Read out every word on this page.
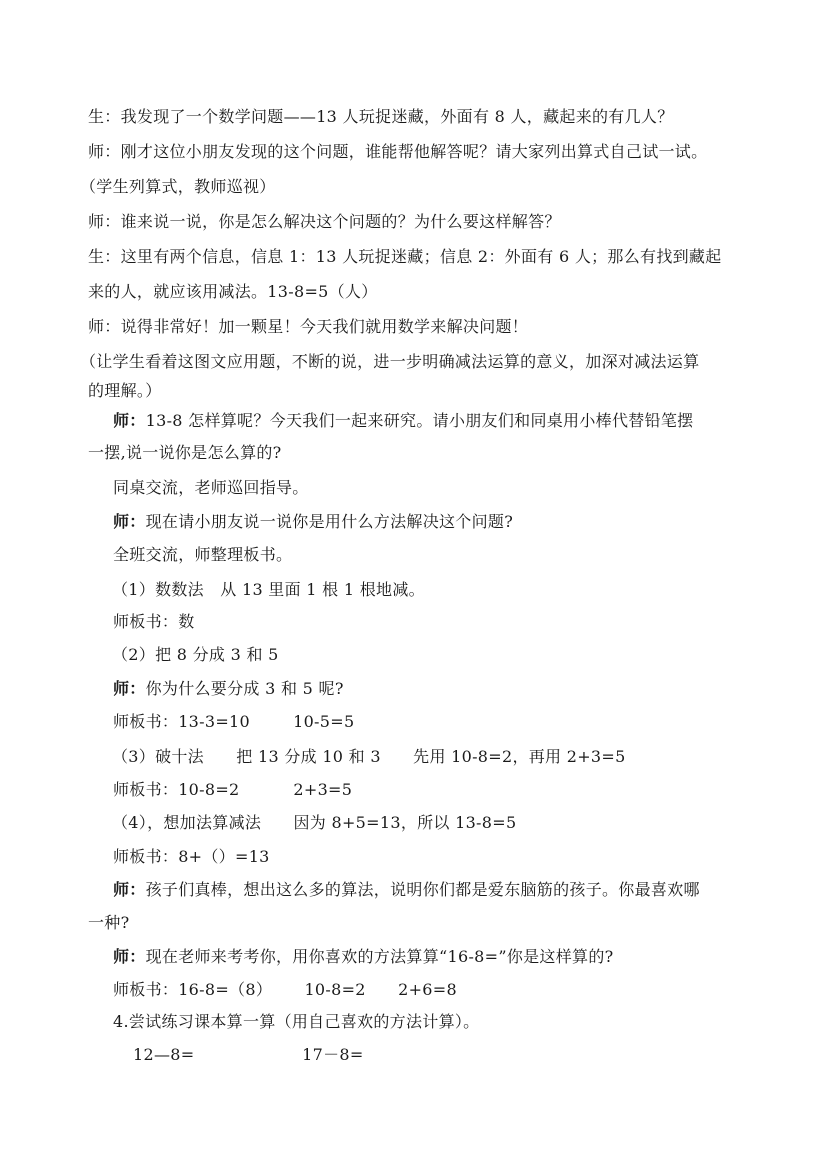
生：我发现了一个数学问题——13 人玩捉迷藏，外面有 8 人，藏起来的有几人？
师：刚才这位小朋友发现的这个问题，谁能帮他解答呢？请大家列出算式自己试一试。
（学生列算式，教师巡视）
师：谁来说一说，你是怎么解决这个问题的？为什么要这样解答？
生：这里有两个信息，信息 1：13 人玩捉迷藏；信息 2：外面有 6 人；那么有找到藏起
来的人，就应该用减法。13-8=5（人）
师：说得非常好！加一颗星！今天我们就用数学来解决问题！
（让学生看着这图文应用题，不断的说，进一步明确减法运算的意义，加深对减法运算
的理解。）
师：13-8 怎样算呢？今天我们一起来研究。请小朋友们和同桌用小棒代替铅笔摆
一摆,说一说你是怎么算的?
同桌交流，老师巡回指导。
师：现在请小朋友说一说你是用什么方法解决这个问题?
全班交流，师整理板书。
（1）数数法　从 13 里面 1 根 1 根地减。
师板书：数
（2）把 8 分成 3 和 5
师：你为什么要分成 3 和 5 呢?
师板书：13-3=10        10-5=5
（3）破十法      把 13 分成 10 和 3      先用 10-8=2，再用 2+3=5
师板书：10-8=2          2+3=5
（4），想加法算减法      因为 8+5=13，所以 13-8=5
师板书：8+（）=13
师：孩子们真棒，想出这么多的算法，说明你们都是爱东脑筋的孩子。你最喜欢哪
一种?
师：现在老师来考考你，用你喜欢的方法算算“16-8=”你是这样算的?
师板书：16-8=（8）      10-8=2      2+6=8
4.尝试练习课本算一算（用自己喜欢的方法计算）。
12—8=                    17－8=
